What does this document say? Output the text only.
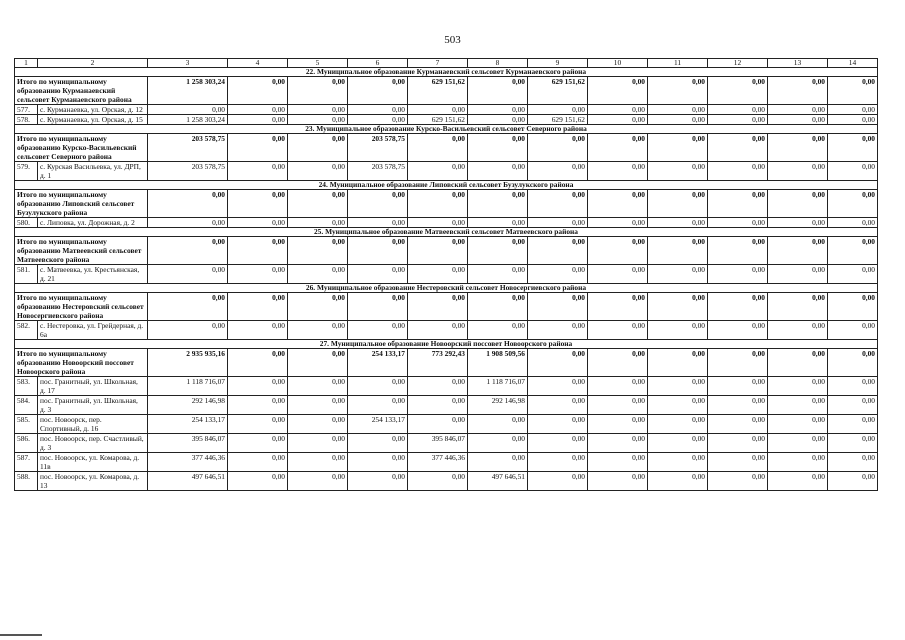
503
1	2	3	4	5	6	7	8	9	10	11	12	13	14
22. Муниципальное образование Курманаевский сельсовет Курманаевского района													
Итого по муниципальному образованию Курманаевский сельсовет Курманаевского района		1 258 303,24	0,00	0,00	0,00	629 151,62	0,00	629 151,62	0,00	0,00	0,00	0,00	0,00
577.	с. Курманаевка, ул. Орская, д. 12	0,00	0,00	0,00	0,00	0,00	0,00	0,00	0,00	0,00	0,00	0,00	0,00
578.	с. Курманаевка, ул. Орская, д. 15	1 258 303,24	0,00	0,00	0,00	629 151,62	0,00	629 151,62	0,00	0,00	0,00	0,00	0,00
23. Муниципальное образование Курско-Васильевский сельсовет Северного района													
Итого по муниципальному образованию Курско-Васильевский сельсовет Северного района		203 578,75	0,00	0,00	203 578,75	0,00	0,00	0,00	0,00	0,00	0,00	0,00	0,00
579.	с. Курская Васильевка, ул. ДРП, д. 1	203 578,75	0,00	0,00	203 578,75	0,00	0,00	0,00	0,00	0,00	0,00	0,00	0,00
24. Муниципальное образование Липовский сельсовет Бузулукского района													
Итого по муниципальному образованию Липовский сельсовет Бузулукского района		0,00	0,00	0,00	0,00	0,00	0,00	0,00	0,00	0,00	0,00	0,00	0,00
580.	с. Липовка, ул. Дорожная, д. 2	0,00	0,00	0,00	0,00	0,00	0,00	0,00	0,00	0,00	0,00	0,00	0,00
25. Муниципальное образование Матвеевский сельсовет Матвеевского района													
Итого по муниципальному образованию Матвеевский сельсовет Матвеевского района		0,00	0,00	0,00	0,00	0,00	0,00	0,00	0,00	0,00	0,00	0,00	0,00
581.	с. Матвеевка, ул. Крестьянская, д. 21	0,00	0,00	0,00	0,00	0,00	0,00	0,00	0,00	0,00	0,00	0,00	0,00
26. Муниципальное образование Нестеровский сельсовет Новосергиевского района													
Итого по муниципальному образованию Нестеровский сельсовет Новосергиевского района		0,00	0,00	0,00	0,00	0,00	0,00	0,00	0,00	0,00	0,00	0,00	0,00
582.	с. Нестеровка, ул. Грейдерная, д. 6а	0,00	0,00	0,00	0,00	0,00	0,00	0,00	0,00	0,00	0,00	0,00	0,00
27. Муниципальное образование Новоорский поссовет Новоорского района													
Итого по муниципальному образованию Новоорский поссовет Новоорского района		2 935 935,16	0,00	0,00	254 133,17	773 292,43	1 908 509,56	0,00	0,00	0,00	0,00	0,00	0,00
583.	пос. Гранитный, ул. Школьная, д. 17	1 118 716,07	0,00	0,00	0,00	0,00	1 118 716,07	0,00	0,00	0,00	0,00	0,00	0,00
584.	пос. Гранитный, ул. Школьная, д. 3	292 146,98	0,00	0,00	0,00	0,00	292 146,98	0,00	0,00	0,00	0,00	0,00	0,00
585.	пос. Новоорск, пер. Спортивный, д. 16	254 133,17	0,00	0,00	254 133,17	0,00	0,00	0,00	0,00	0,00	0,00	0,00	0,00
586.	пос. Новоорск, пер. Счастливый, д. 3	395 846,07	0,00	0,00	0,00	395 846,07	0,00	0,00	0,00	0,00	0,00	0,00	0,00
587.	пос. Новоорск, ул. Комарова, д. 11в	377 446,36	0,00	0,00	0,00	377 446,36	0,00	0,00	0,00	0,00	0,00	0,00	0,00
588.	пос. Новоорск, ул. Комарова, д. 13	497 646,51	0,00	0,00	0,00	0,00	497 646,51	0,00	0,00	0,00	0,00	0,00	0,00
